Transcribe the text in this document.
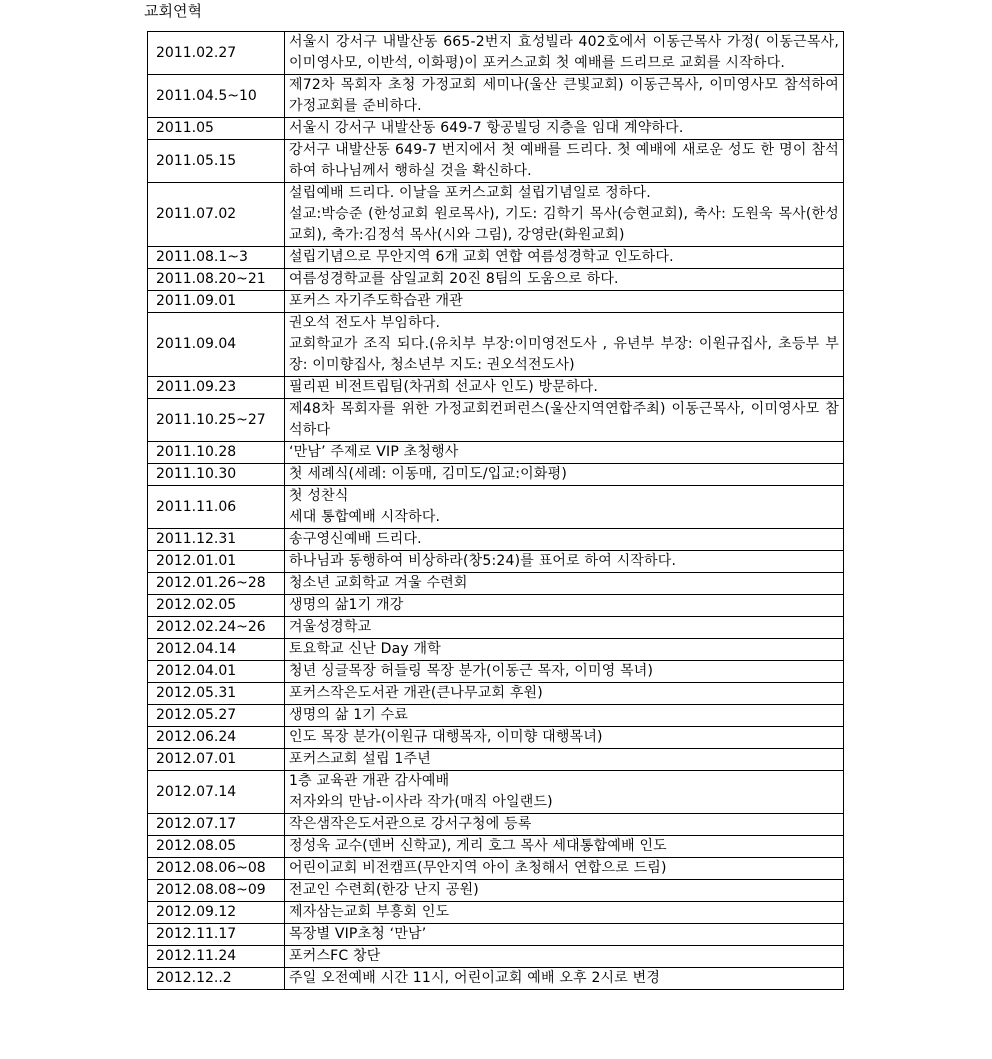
교회연혁
2011.02.27	서울시 강서구 내발산동 665-2번지 효성빌라 402호에서 이동근목사 가정( 이동근목사, 이미영사모, 이반석, 이화평)이 포커스교회 첫 예배를 드리므로 교회를 시작하다.

2011.04.5~10	제72차 목회자 초청 가정교회 세미나(울산 큰빛교회) 이동근목사, 이미영사모 참석하여 가정교회를 준비하다.

2011.05	서울시 강서구 내발산동 649-7 항공빌딩 지층을 임대 계약하다.

2011.05.15	강서구 내발산동 649-7 번지에서 첫 예배를 드리다. 첫 예배에 새로운 성도 한 명이 참석하여 하나님께서 행하실 것을 확신하다.

2011.07.02	설립예배 드리다. 이날을 포커스교회 설립기념일로 정하다.
설교:박승준 (한성교회 원로목사), 기도: 김학기 목사(승현교회), 축사: 도원욱 목사(한성교회), 축가:김정석 목사(시와 그림), 강영란(화원교회)

2011.08.1~3	설립기념으로 무안지역 6개 교회 연합 여름성경학교 인도하다.

2011.08.20~21	여름성경학교를 삼일교회 20진 8팀의 도움으로 하다.

2011.09.01	포커스 자기주도학습관 개관

2011.09.04	권오석 전도사 부임하다.
교회학교가 조직 되다.(유치부 부장:이미영전도사 , 유년부 부장: 이원규집사, 초등부 부장: 이미향집사, 청소년부 지도: 권오석전도사)

2011.09.23	필리핀 비전트립팀(차귀희 선교사 인도) 방문하다.

2011.10.25~27	제48차 목회자를 위한 가정교회컨퍼런스(울산지역연합주최) 이동근목사, 이미영사모 참석하다

2011.10.28	‘만남’ 주제로 VIP 초청행사

2011.10.30	첫 세례식(세례: 이동매, 김미도/입교:이화평)

2011.11.06	첫 성찬식
세대 통합예배 시작하다.

2011.12.31	송구영신예배 드리다.

2012.01.01	하나님과 동행하여 비상하라(창5:24)를 표어로 하여 시작하다.

2012.01.26~28	청소년 교회학교 겨울 수련회

2012.02.05	생명의 삶1기 개강

2012.02.24~26	겨울성경학교

2012.04.14	토요학교 신난 Day 개학

2012.04.01	청년 싱글목장 허들링 목장 분가(이동근 목자, 이미영 목녀)

2012.05.31	포커스작은도서관 개관(큰나무교회 후원)

2012.05.27	생명의 삶 1기 수료

2012.06.24	인도 목장 분가(이원규 대행목자, 이미향 대행목녀)

2012.07.01	포커스교회 설립 1주년

2012.07.14	1층 교육관 개관 감사예배
저자와의 만남-이사라 작가(매직 아일랜드)

2012.07.17	작은샘작은도서관으로 강서구청에 등록

2012.08.05	정성욱 교수(덴버 신학교), 게리 호그 목사 세대통합예배 인도

2012.08.06~08	어린이교회 비전캠프(무안지역 아이 초청해서 연합으로 드림)

2012.08.08~09	전교인 수련회(한강 난지 공원)

2012.09.12	제자삼는교회 부흥회 인도

2012.11.17	목장별 VIP초청 ‘만남’

2012.11.24	포커스FC 창단

2012.12..2	주일 오전예배 시간 11시, 어린이교회 예배 오후 2시로 변경
